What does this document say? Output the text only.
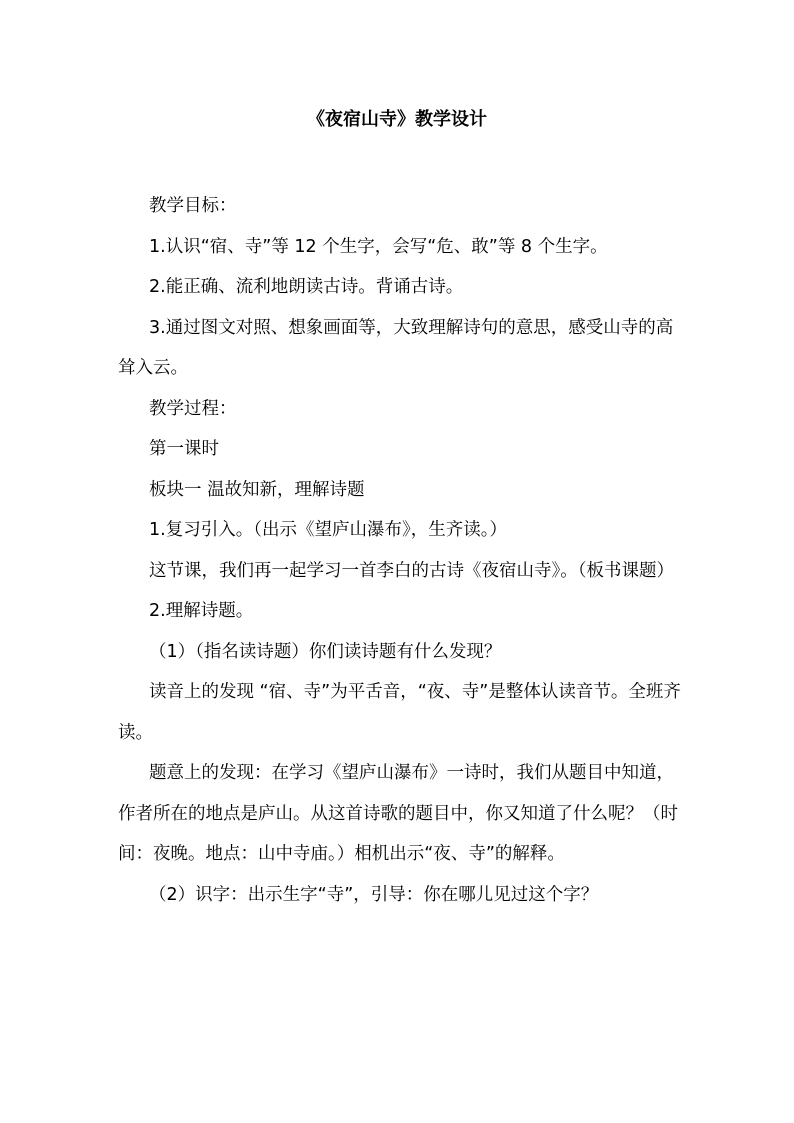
《夜宿山寺》教学设计

教学目标：

1.认识“宿、寺”等 12 个生字，会写“危、敢”等 8 个生字。

2.能正确、流利地朗读古诗。背诵古诗。

3.通过图文对照、想象画面等，大致理解诗句的意思，感受山寺的高耸入云。

教学过程：

第一课时

板块一 温故知新，理解诗题

1.复习引入。（出示《望庐山瀑布》，生齐读。）

这节课，我们再一起学习一首李白的古诗《夜宿山寺》。（板书课题）

2.理解诗题。

（1）（指名读诗题）你们读诗题有什么发现？

读音上的发现 “宿、寺”为平舌音，“夜、寺”是整体认读音节。全班齐读。

题意上的发现：在学习《望庐山瀑布》一诗时，我们从题目中知道，作者所在的地点是庐山。从这首诗歌的题目中，你又知道了什么呢？（时间：夜晚。地点：山中寺庙。）相机出示“夜、寺”的解释。

（2）识字：出示生字“寺”，引导：你在哪儿见过这个字？
